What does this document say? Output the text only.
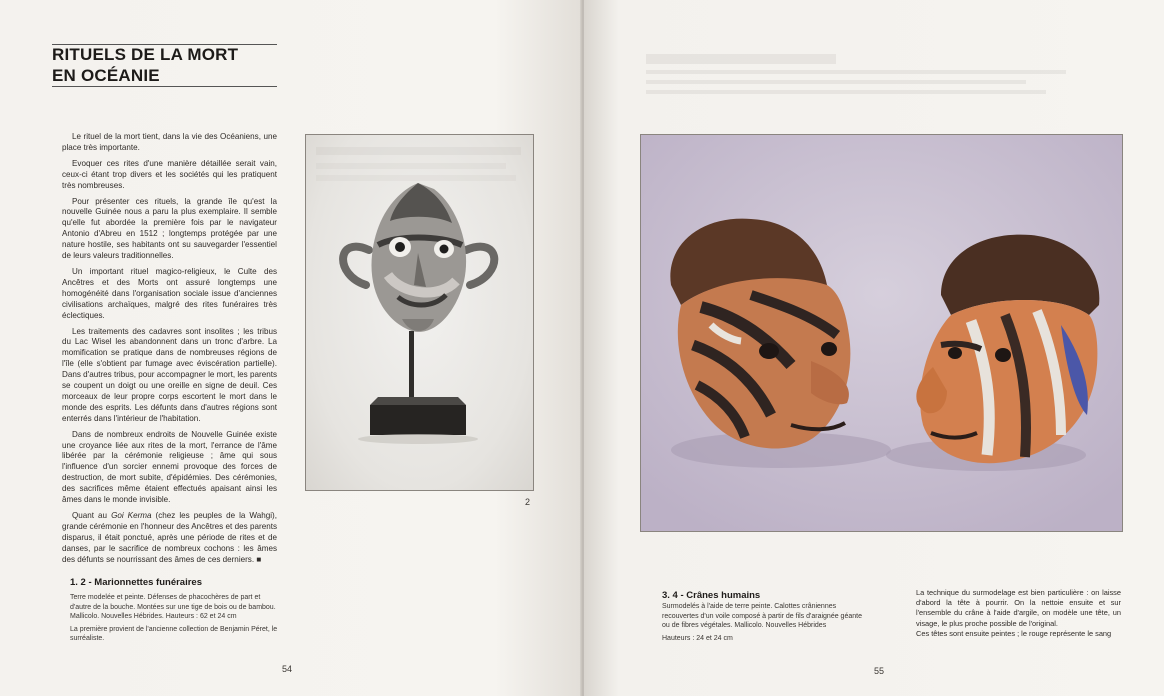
RITUELS DE LA MORT
EN OCÉANIE

Le rituel de la mort tient, dans la vie des Océaniens, une place très importante.

Evoquer ces rites d'une manière détaillée serait vain, ceux-ci étant trop divers et les sociétés qui les pratiquent très nombreuses.

Pour présenter ces rituels, la grande île qu'est la nouvelle Guinée nous a paru la plus exemplaire. Il semble qu'elle fut abordée la première fois par le navigateur Antonio d'Abreu en 1512 ; longtemps protégée par une nature hostile, ses habitants ont su sauvegarder l'essentiel de leurs valeurs traditionnelles.

Un important rituel magico-religieux, le Culte des Ancêtres et des Morts ont assuré longtemps une homogénéité dans l'organisation sociale issue d'anciennes civilisations archaïques, malgré des rites funéraires très éclectiques.

Les traitements des cadavres sont insolites ; les tribus du Lac Wisel les abandonnent dans un tronc d'arbre. La momification se pratique dans de nombreuses régions de l'île (elle s'obtient par fumage avec éviscération partielle). Dans d'autres tribus, pour accompagner le mort, les parents se coupent un doigt ou une oreille en signe de deuil. Ces morceaux de leur propre corps escortent le mort dans le monde des esprits. Les défunts dans d'autres régions sont enterrés dans l'intérieur de l'habitation.

Dans de nombreux endroits de Nouvelle Guinée existe une croyance liée aux rites de la mort, l'errance de l'âme libérée par la cérémonie religieuse ; âme qui sous l'influence d'un sorcier ennemi provoque des forces de destruction, de mort subite, d'épidémies. Des cérémonies, des sacrifices même étaient effectués apaisant ainsi les âmes dans le monde invisible.

Quant au Goi Kerma (chez les peuples de la Wahgi), grande cérémonie en l'honneur des Ancêtres et des parents disparus, il était ponctué, après une période de rites et de danses, par le sacrifice de nombreux cochons : les âmes des défunts se nourrissant des âmes de ces derniers. ■

2
1. 2 - Marionnettes funéraires

Terre modelée et peinte. Défenses de phacochères de part et d'autre de la bouche. Montées sur une tige de bois ou de bambou. Mallicolo. Nouvelles Hébrides. Hauteurs : 62 et 24 cm

La première provient de l'ancienne collection de Benjamin Péret, le surréaliste.

54
3. 4 - Crânes humains

Surmodelés à l'aide de terre peinte. Calottes crâniennes recouvertes d'un voile composé à partir de fils d'araignée géante ou de fibres végétales. Mallicolo. Nouvelles Hébrides

Hauteurs : 24 et 24 cm

La technique du surmodelage est bien particulière : on laisse d'abord la tête à pourrir. On la nettoie ensuite et sur l'ensemble du crâne à l'aide d'argile, on modèle une tête, un visage, le plus proche possible de l'original.

Ces têtes sont ensuite peintes ; le rouge représente le sang

55
